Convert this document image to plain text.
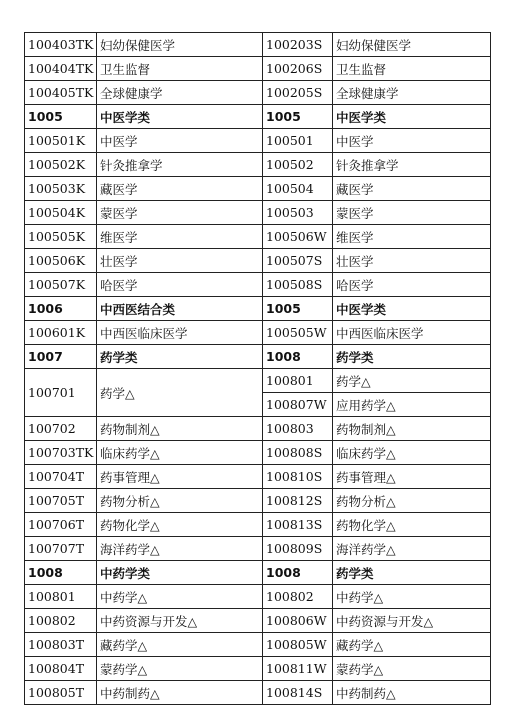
100403TK	妇幼保健医学	100203S	妇幼保健医学
100404TK	卫生监督	100206S	卫生监督
100405TK	全球健康学	100205S	全球健康学
1005	中医学类	1005	中医学类
100501K	中医学	100501	中医学
100502K	针灸推拿学	100502	针灸推拿学
100503K	藏医学	100504	藏医学
100504K	蒙医学	100503	蒙医学
100505K	维医学	100506W	维医学
100506K	壮医学	100507S	壮医学
100507K	哈医学	100508S	哈医学
1006	中西医结合类	1005	中医学类
100601K	中西医临床医学	100505W	中西医临床医学
1007	药学类	1008	药学类
100701	药学△	100801	药学△
		100807W	应用药学△
100702	药物制剂△	100803	药物制剂△
100703TK	临床药学△	100808S	临床药学△
100704T	药事管理△	100810S	药事管理△
100705T	药物分析△	100812S	药物分析△
100706T	药物化学△	100813S	药物化学△
100707T	海洋药学△	100809S	海洋药学△
1008	中药学类	1008	药学类
100801	中药学△	100802	中药学△
100802	中药资源与开发△	100806W	中药资源与开发△
100803T	藏药学△	100805W	藏药学△
100804T	蒙药学△	100811W	蒙药学△
100805T	中药制药△	100814S	中药制药△
